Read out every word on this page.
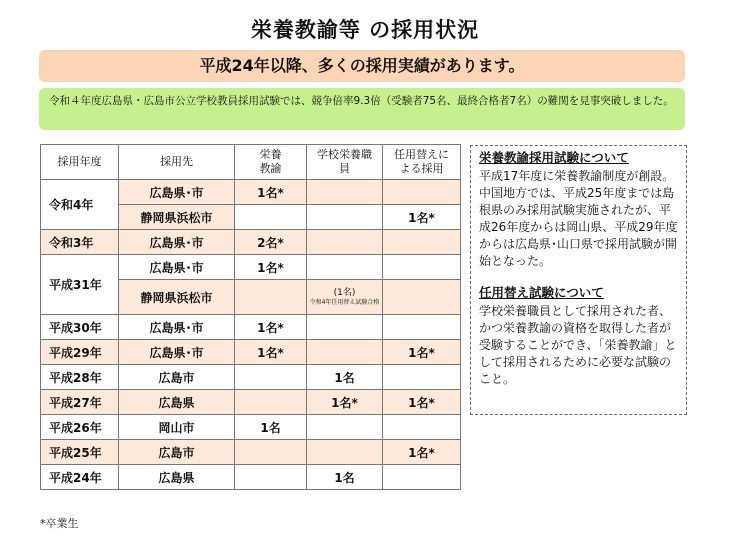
栄養教諭等 の採用状況
平成24年以降、多くの採用実績があります。
令和４年度広島県・広島市公立学校教員採用試験では、競争倍率9.3倍（受験者75名、最終合格者7名）の難関を見事突破しました。
採用年度	採用先	栄養教諭	学校栄養職員	任用替えによる採用
令和4年	広島県･市	1名*		
	静岡県浜松市			1名*
令和3年	広島県･市	2名*		
平成31年	広島県･市	1名*		
	静岡県浜松市		(1名)
令和4年任用替え試験合格	

平成30年	広島県･市	1名*		
平成29年	広島県･市	1名*		1名*
平成28年	広島市		1名	
平成27年	広島県		1名*	1名*
平成26年	岡山市	1名		
平成25年	広島市			1名*
平成24年	広島県		1名	
*卒業生
栄養教諭採用試験について
平成17年度に栄養教諭制度が創設。中国地方では、平成25年度までは島根県のみ採用試験実施されたが、平成26年度からは岡山県、平成29年度からは広島県･山口県で採用試験が開始となった。
任用替え試験について
学校栄養職員として採用された者、かつ栄養教諭の資格を取得した者が受験することができ、「栄養教諭」として採用されるために必要な試験のこと。
